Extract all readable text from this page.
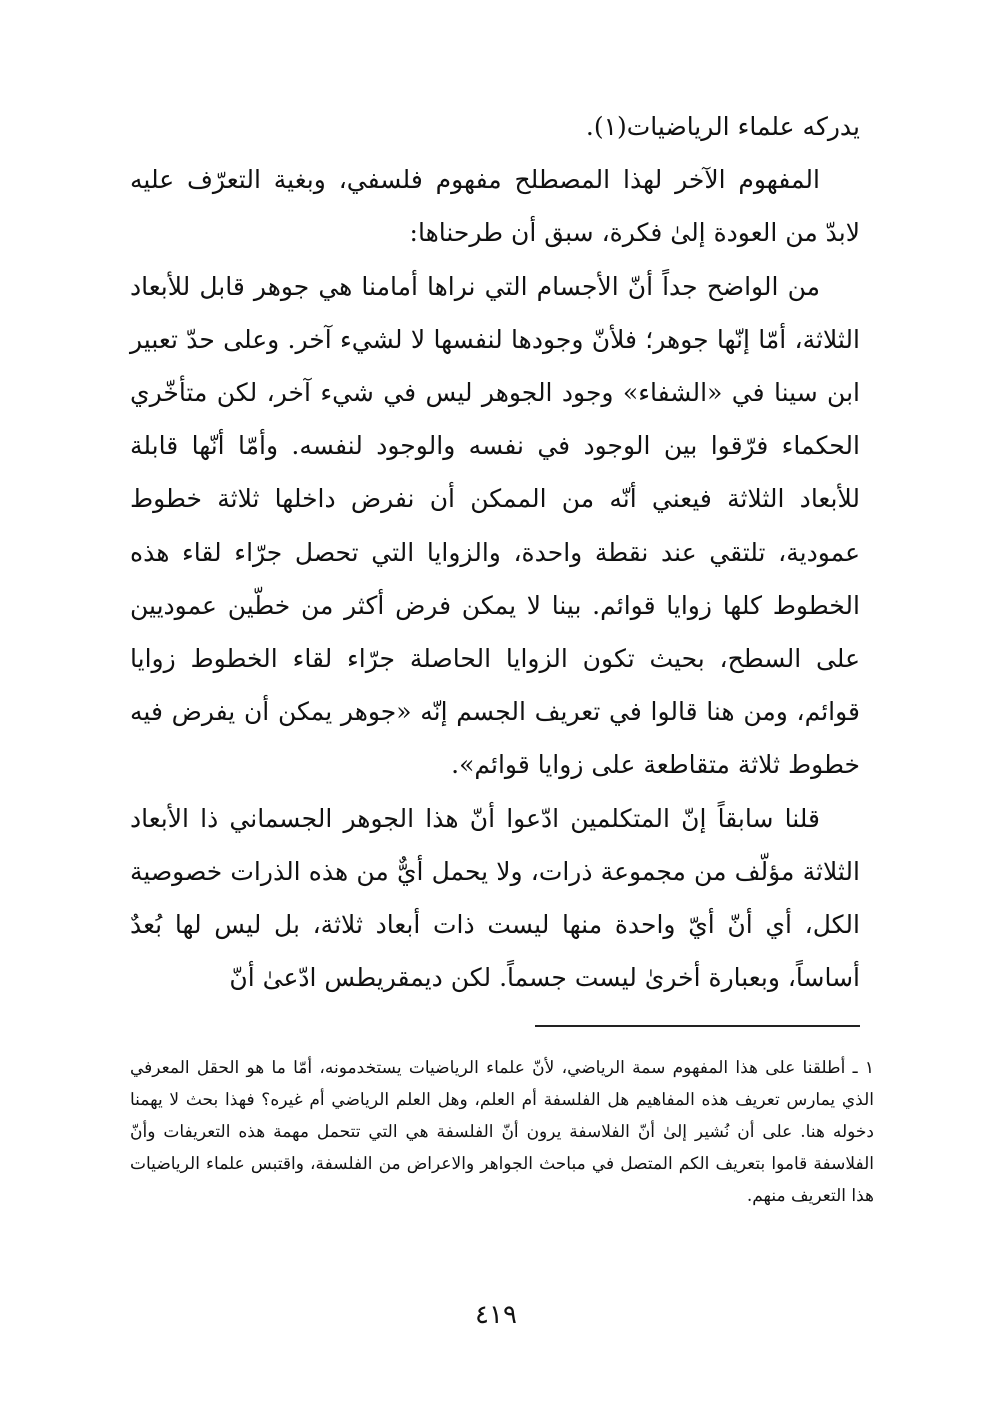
يدركه علماء الرياضيات(١).

المفهوم الآخر لهذا المصطلح مفهوم فلسفي، وبغية التعرّف عليه لابدّ من العودة إلىٰ فكرة، سبق أن طرحناها:

من الواضح جداً أنّ الأجسام التي نراها أمامنا هي جوهر قابل للأبعاد الثلاثة، أمّا إنّها جوهر؛ فلأنّ وجودها لنفسها لا لشيء آخر. وعلى حدّ تعبير ابن سينا في «الشفاء» وجود الجوهر ليس في شيء آخر، لكن متأخّري الحكماء فرّقوا بين الوجود في نفسه والوجود لنفسه. وأمّا أنّها قابلة للأبعاد الثلاثة فيعني أنّه من الممكن أن نفرض داخلها ثلاثة خطوط عمودية، تلتقي عند نقطة واحدة، والزوايا التي تحصل جرّاء لقاء هذه الخطوط كلها زوايا قوائم. بينا لا يمكن فرض أكثر من خطّين عموديين على السطح، بحيث تكون الزوايا الحاصلة جرّاء لقاء الخطوط زوايا قوائم، ومن هنا قالوا في تعريف الجسم إنّه «جوهر يمكن أن يفرض فيه خطوط ثلاثة متقاطعة على زوايا قوائم».

قلنا سابقاً إنّ المتكلمين ادّعوا أنّ هذا الجوهر الجسماني ذا الأبعاد الثلاثة مؤلّف من مجموعة ذرات، ولا يحمل أيٌّ من هذه الذرات خصوصية الكل، أي أنّ أيّ واحدة منها ليست ذات أبعاد ثلاثة، بل ليس لها بُعدٌ أساساً، وبعبارة أخرىٰ ليست جسماً. لكن ديمقريطس ادّعىٰ أنّ

١ ـ أطلقنا على هذا المفهوم سمة الرياضي، لأنّ علماء الرياضيات يستخدمونه، أمّا ما هو الحقل المعرفي الذي يمارس تعريف هذه المفاهيم هل الفلسفة أم العلم، وهل العلم الرياضي أم غيره؟ فهذا بحث لا يهمنا دخوله هنا. على أن نُشير إلىٰ أنّ الفلاسفة يرون أنّ الفلسفة هي التي تتحمل مهمة هذه التعريفات وأنّ الفلاسفة قاموا بتعريف الكم المتصل في مباحث الجواهر والاعراض من الفلسفة، واقتبس علماء الرياضيات هذا التعريف منهم.

٤١٩
